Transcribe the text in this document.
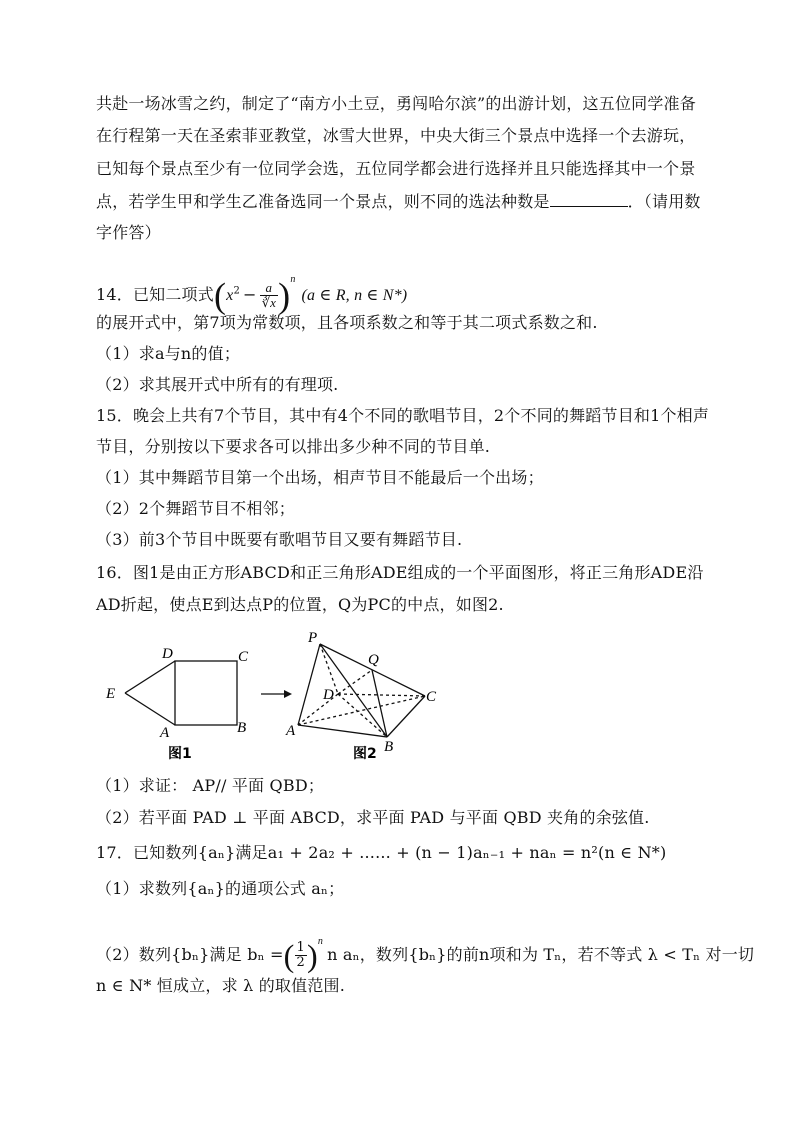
共赴一场冰雪之约，制定了“南方小土豆，勇闯哈尔滨”的出游计划，这五位同学准备
在行程第一天在圣索菲亚教堂，冰雪大世界，中央大街三个景点中选择一个去游玩，
已知每个景点至少有一位同学会选，五位同学都会进行选择并且只能选择其中一个景
点，若学生甲和学生乙准备选同一个景点，则不同的选法种数是	．（请用数
字作答）
14．已知二项式$(x^2 - \frac{a}{∛x} )^n(a$ ∈ R, n ∈ N*)
的展开式中，第7项为常数项，且各项系数之和等于其二项式系数之和.
（1）求a与n的值；
（2）求其展开式中所有的有理项.
15．晚会上共有7个节目，其中有4个不同的歌唱节目，2个不同的舞蹈节目和1个相声
节目，分别按以下要求各可以排出多少种不同的节目单.
（1）其中舞蹈节目第一个出场，相声节目不能最后一个出场；
（2）2个舞蹈节目不相邻；
（3）前3个节目中既要有歌唱节目又要有舞蹈节目.
16．图1是由正方形ABCD和正三角形ADE组成的一个平面图形，将正三角形ADE沿
AD折起，使点E到达点P的位置，Q为PC的中点，如图2.
D	C
E
A	B
图1
P
Q
D	C
A
B
图2
（1）求证： AP// 平面 QBD；
（2）若平面 PAD ⊥ 平面 ABCD，求平面 PAD 与平面 QBD 夹角的余弦值.
17．已知数列{aₙ}满足a₁ + 2a₂ + ...... + (n − 1)aₙ₋₁ + naₙ = n²(n ∈ N*)
（1）求数列{aₙ}的通项公式 aₙ；
（2）数列{bₙ}满足 bₙ =( $\frac{1}{2} )^nn$ aₙ，数列{bₙ}的前n项和为 Tₙ，若不等式 λ < Tₙ 对一切
n ∈ N* 恒成立，求 λ 的取值范围.
